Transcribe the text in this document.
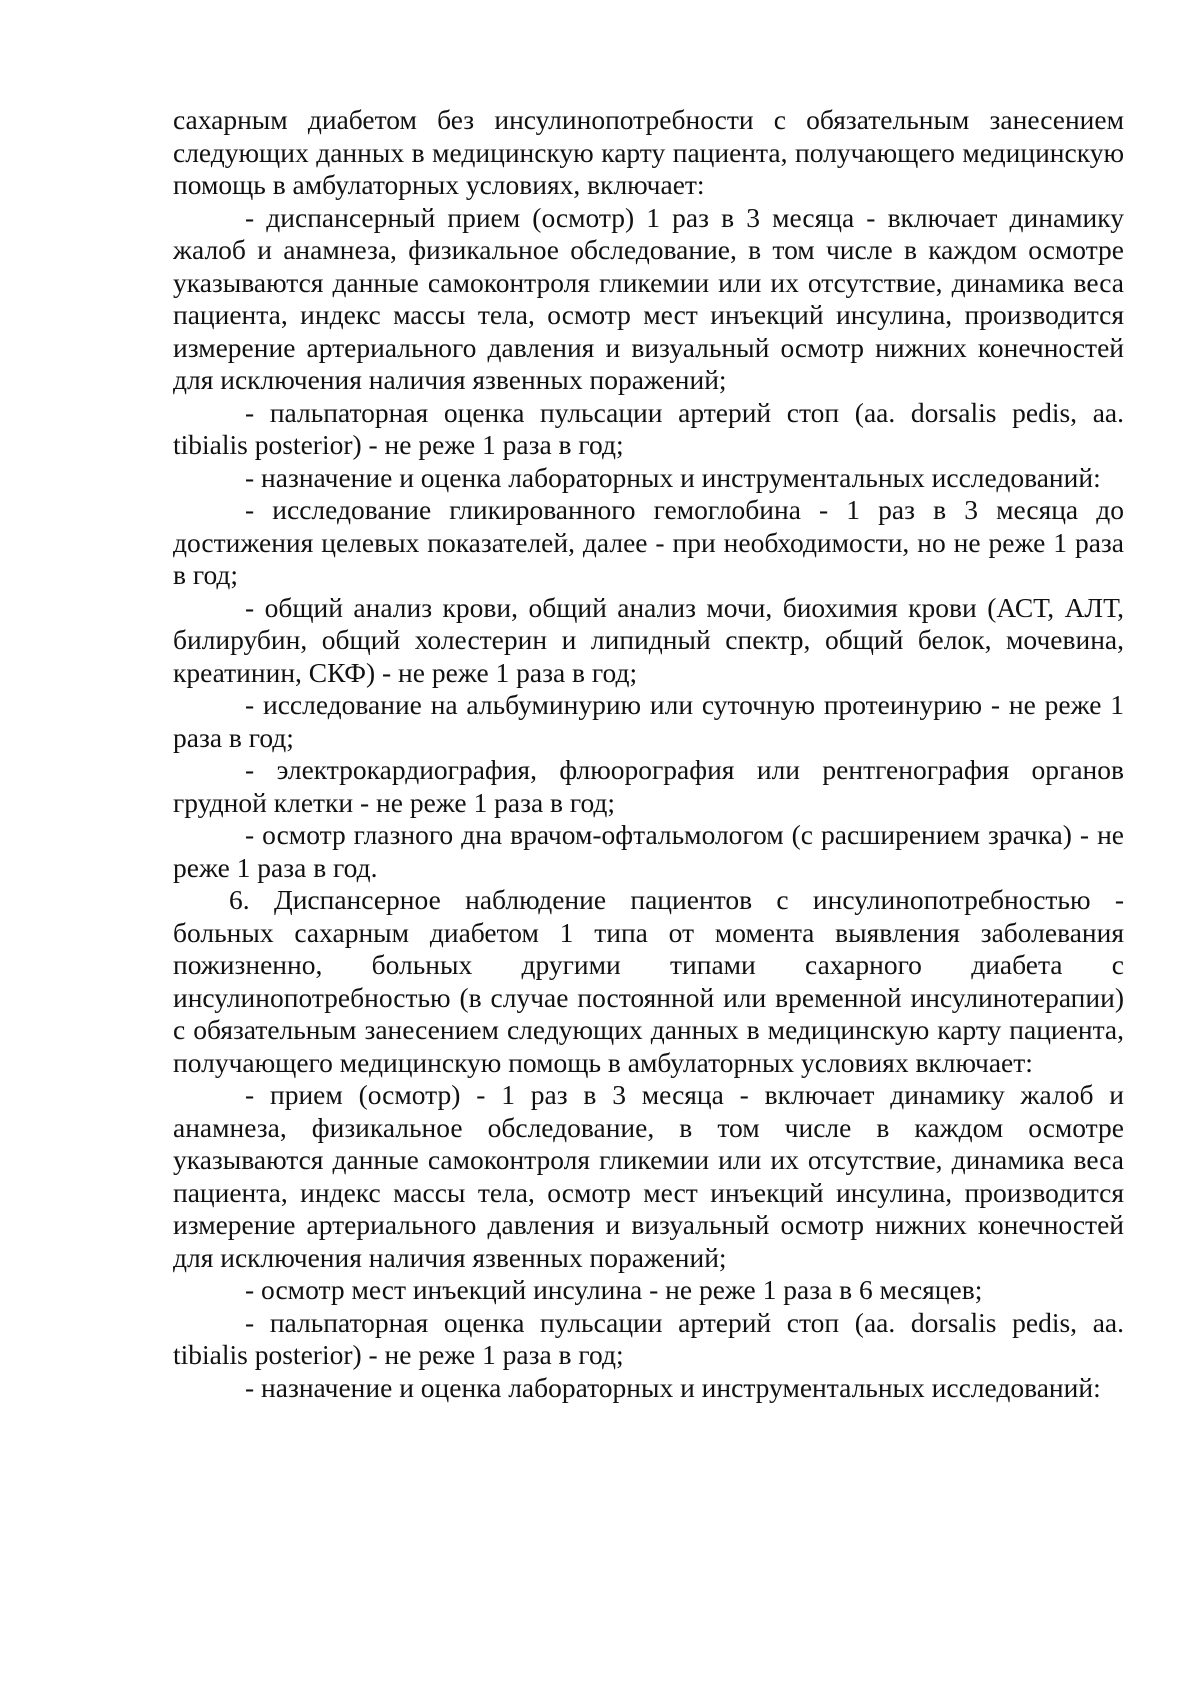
сахарным диабетом без инсулинопотребности с обязательным занесением следующих данных в медицинскую карту пациента, получающего медицинскую помощь в амбулаторных условиях, включает:

- диспансерный прием (осмотр) 1 раз в 3 месяца - включает динамику жалоб и анамнеза, физикальное обследование, в том числе в каждом осмотре указываются данные самоконтроля гликемии или их отсутствие, динамика веса пациента, индекс массы тела, осмотр мест инъекций инсулина, производится измерение артериального давления и визуальный осмотр нижних конечностей для исключения наличия язвенных поражений;

- пальпаторная оценка пульсации артерий стоп (aa. dorsalis pedis, aa. tibialis posterior) - не реже 1 раза в год;

- назначение и оценка лабораторных и инструментальных исследований:

- исследование гликированного гемоглобина - 1 раз в 3 месяца до достижения целевых показателей, далее - при необходимости, но не реже 1 раза в год;

- общий анализ крови, общий анализ мочи, биохимия крови (АСТ, АЛТ, билирубин, общий холестерин и липидный спектр, общий белок, мочевина, креатинин, СКФ) - не реже 1 раза в год;

- исследование на альбуминурию или суточную протеинурию - не реже 1 раза в год;

- электрокардиография, флюорография или рентгенография органов грудной клетки - не реже 1 раза в год;

- осмотр глазного дна врачом-офтальмологом (с расширением зрачка) - не реже 1 раза в год.

6. Диспансерное наблюдение пациентов с инсулинопотребностью - больных сахарным диабетом 1 типа от момента выявления заболевания пожизненно, больных другими типами сахарного диабета с инсулинопотребностью (в случае постоянной или временной инсулинотерапии) с обязательным занесением следующих данных в медицинскую карту пациента, получающего медицинскую помощь в амбулаторных условиях включает:

- прием (осмотр) - 1 раз в 3 месяца - включает динамику жалоб и анамнеза, физикальное обследование, в том числе в каждом осмотре указываются данные самоконтроля гликемии или их отсутствие, динамика веса пациента, индекс массы тела, осмотр мест инъекций инсулина, производится измерение артериального давления и визуальный осмотр нижних конечностей для исключения наличия язвенных поражений;

- осмотр мест инъекций инсулина - не реже 1 раза в 6 месяцев;

- пальпаторная оценка пульсации артерий стоп (aa. dorsalis pedis, aa. tibialis posterior) - не реже 1 раза в год;

- назначение и оценка лабораторных и инструментальных исследований:
